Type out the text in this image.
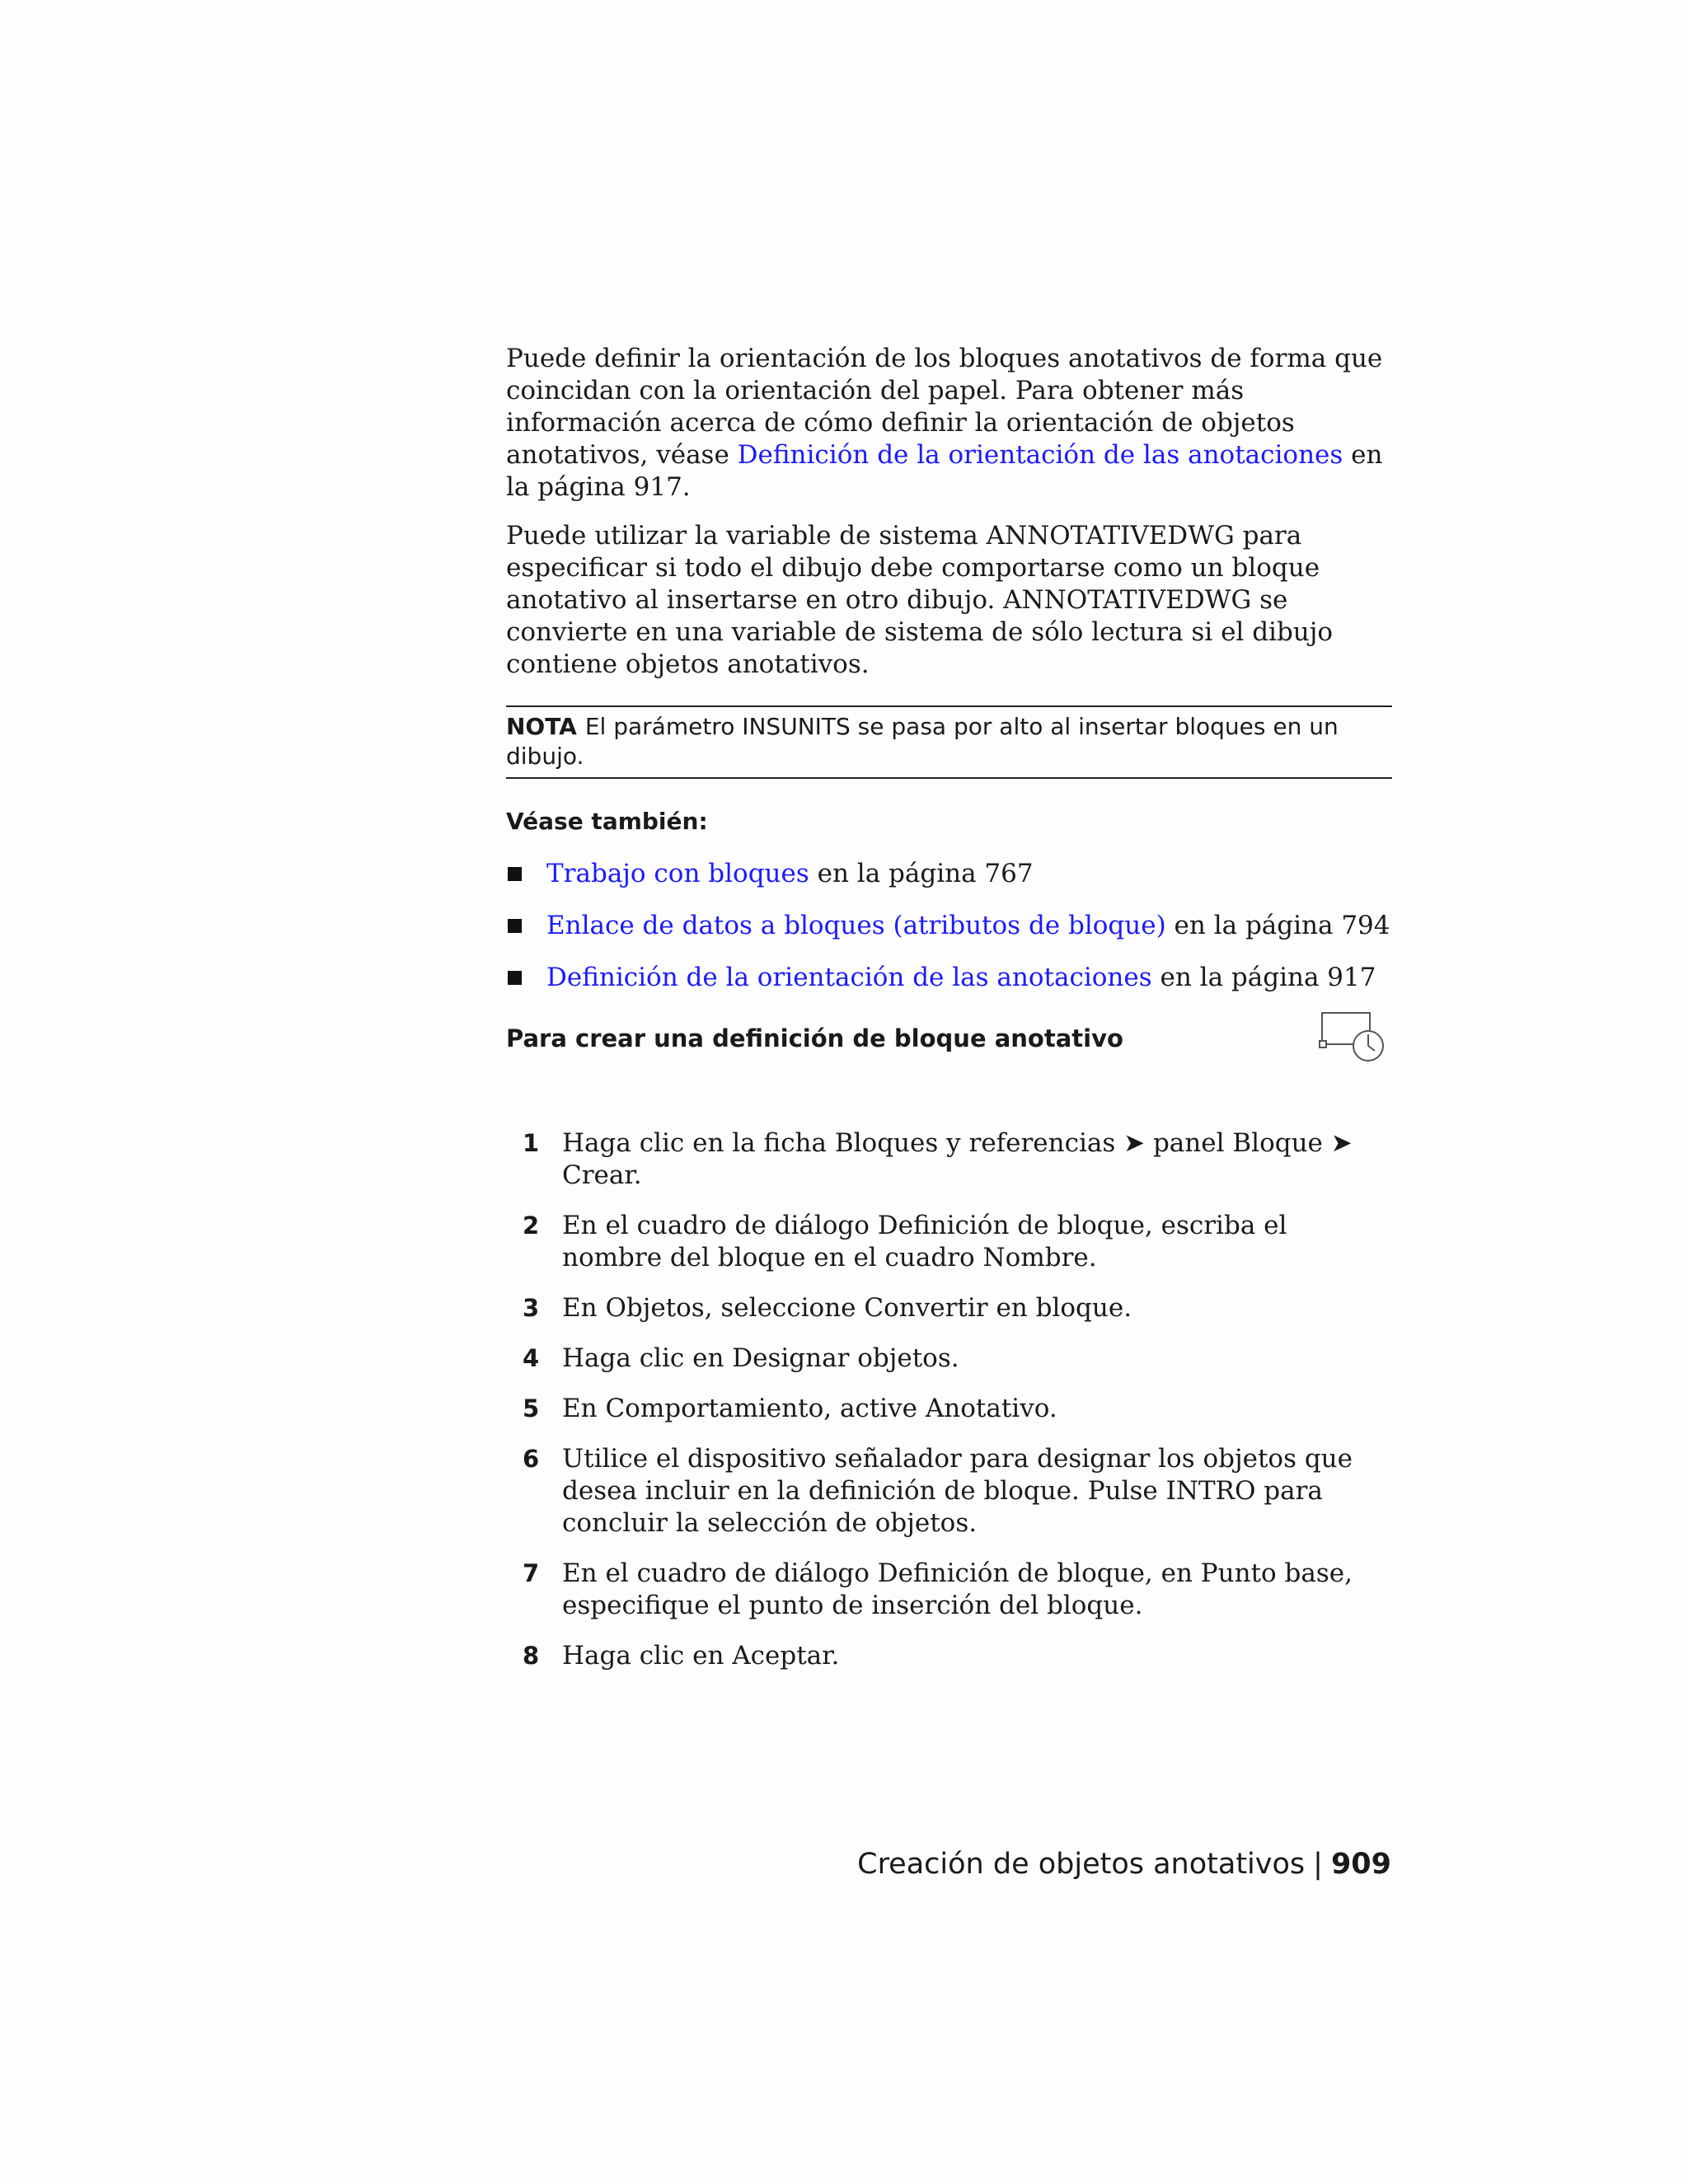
Puede definir la orientación de los bloques anotativos de forma que coincidan con la orientación del papel. Para obtener más información acerca de cómo definir la orientación de objetos anotativos, véase Definición de la orientación de las anotaciones en la página 917.

Puede utilizar la variable de sistema ANNOTATIVEDWG para especificar si todo el dibujo debe comportarse como un bloque anotativo al insertarse en otro dibujo. ANNOTATIVEDWG se convierte en una variable de sistema de sólo lectura si el dibujo contiene objetos anotativos.

NOTA El parámetro INSUNITS se pasa por alto al insertar bloques en un dibujo.
Véase también:
Trabajo con bloques en la página 767
Enlace de datos a bloques (atributos de bloque) en la página 794
Definición de la orientación de las anotaciones en la página 917
Para crear una definición de bloque anotativo
1 Haga clic en la ficha Bloques y referencias ➤ panel Bloque ➤ Crear.
2 En el cuadro de diálogo Definición de bloque, escriba el nombre del bloque en el cuadro Nombre.
3 En Objetos, seleccione Convertir en bloque.
4 Haga clic en Designar objetos.
5 En Comportamiento, active Anotativo.
6 Utilice el dispositivo señalador para designar los objetos que desea incluir en la definición de bloque. Pulse INTRO para concluir la selección de objetos.
7 En el cuadro de diálogo Definición de bloque, en Punto base, especifique el punto de inserción del bloque.
8 Haga clic en Aceptar.
Creación de objetos anotativos | 909
